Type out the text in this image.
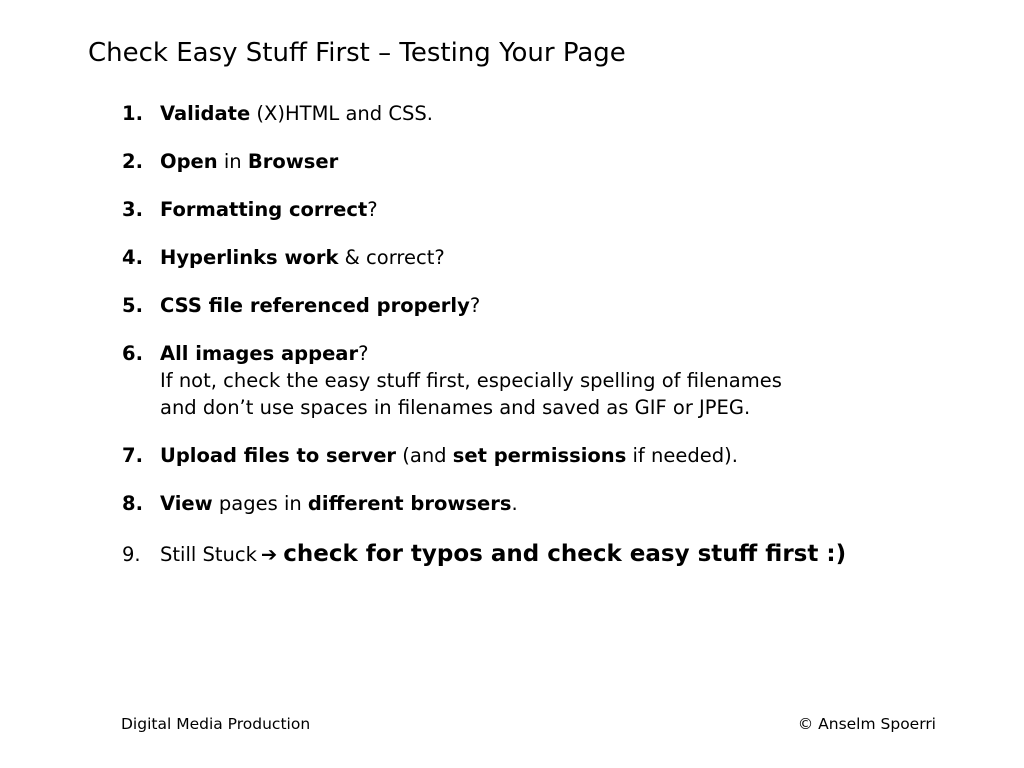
Check Easy Stuff First – Testing Your Page
1. Validate (X)HTML and CSS.
2. Open in Browser
3. Formatting correct?
4. Hyperlinks work & correct?
5. CSS file referenced properly?
6. All images appear?
If not, check the easy stuff first, especially spelling of filenames
and don’t use spaces in filenames and saved as GIF or JPEG.
7. Upload files to server (and set permissions if needed).
8. View pages in different browsers.
9. Still Stuck ➔ check for typos and check easy stuff first :)
Digital Media Production	© Anselm Spoerri
